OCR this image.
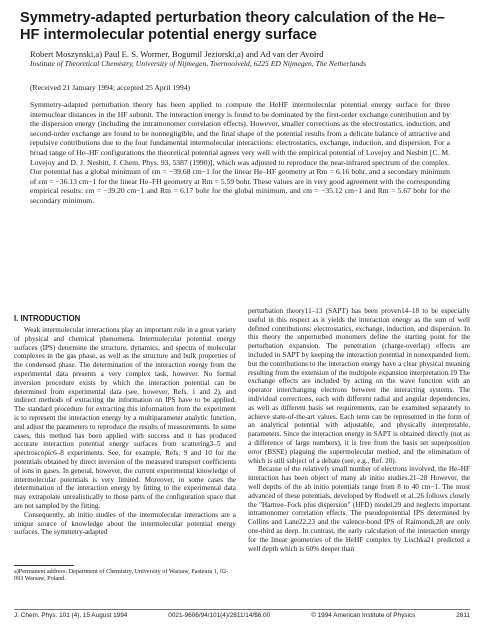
Symmetry-adapted perturbation theory calculation of the He–HF intermolecular potential energy surface
Robert Moszynski,a) Paul E. S. Wormer, Bogumil Jeziorski,a) and Ad van der Avoird
Institute of Theoretical Chemistry, University of Nijmegen, Toernooiveld, 6225 ED Nijmegen, The Netherlands
(Received 21 January 1994; accepted 25 April 1994)

Symmetry-adapted perturbation theory has been applied to compute the HeHF intermolecular potential energy surface for three internuclear distances in the HF subunit. The interaction energy is found to be dominated by the first-order exchange contribution and by the dispersion energy (including the intramonomer correlation effects). However, smaller corrections as the electrostatics, induction, and second-order exchange are found to be nonnegligible, and the final shape of the potential results from a delicate balance of attractive and repulsive contributions due to the four fundamental intermolecular interactions: electrostatics, exchange, induction, and dispersion. For a broad range of He–HF configurations the theoretical potential agrees very well with the empirical potential of Lovejoy and Nesbitt [C. M. Lovejoy and D. J. Nesbitt, J. Chem. Phys. 93, 5387 (1990)], which was adjusted to reproduce the near-infrared spectrum of the complex. Our potential has a global minimum of εm = −39.68 cm−1 for the linear He–HF geometry at Rm = 6.16 bohr, and a secondary minimum of εm = −36.13 cm−1 for the linear He–FH geometry at Rm = 5.59 bohr. These values are in very good agreement with the corresponding empirical results: εm = −39.20 cm−1 and Rm = 6.17 bohr for the global minimum, and εm = −35.12 cm−1 and Rm = 5.67 bohr for the secondary minimum.

I. INTRODUCTION

Weak intermolecular interactions play an important role in a great variety of physical and chemical phenomena. Intermolecular potential energy surfaces (IPS) determine the structure, dynamics, and spectra of molecular complexes in the gas phase, as well as the structure and bulk properties of the condensed phase. The determination of the interaction energy from the experimental data presents a very complex task, however. No formal inversion procedure exists by which the interaction potential can be determined from experimental data (see, however, Refs. 1 and 2), and indirect methods of extracting the information on IPS have to be applied. The standard procedure for extracting this information from the experiment is to represent the interaction energy by a multiparameter analytic function, and adjust the parameters to reproduce the results of measurements. In some cases, this method has been applied with success and it has produced accurate interaction potential energy surfaces from scattering3–5 and spectroscopic6–8 experiments. See, for example, Refs. 9 and 10 for the potentials obtained by direct inversion of the measured transport coefficients of ions in gases. In general, however, the current experimental knowledge of intermolecular potentials is very limited. Moreover, in some cases the determination of the interaction energy by fitting to the experimental data may extrapolate unrealistically to those parts of the configuration space that are not sampled by the fitting.

Consequently, ab initio studies of the intermolecular interactions are a unique source of knowledge about the intermolecular potential energy surfaces. The symmetry-adapted

perturbation theory11–13 (SAPT) has been proven14–18 to be especially useful in this respect as it yields the interaction energy as the sum of well defined contributions: electrostatics, exchange, induction, and dispersion. In this theory the unperturbed monomers define the starting point for the perturbation expansion. The penetration (charge-overlap) effects are included in SAPT by keeping the interaction potential in nonexpanded form, but the contributions to the interaction energy have a clear physical meaning resulting from the extension of the multipole expansion interpretation.19 The exchange effects are included by acting on the wave function with an operator interchanging electrons between the interacting systems. The individual corrections, each with different radial and angular dependencies, as well as different basis set requirements, can be examined separately to achieve state-of-the-art values. Each term can be represented in the form of an analytical potential with adjustable, and physically interpretable, parameters. Since the interaction energy in SAPT is obtained directly (not as a difference of large numbers), it is free from the basis set superposition error (BSSE) plaguing the supermolecular method, and the elimination of which is still subject of a debate (see, e.g., Ref. 20).

Because of the relatively small number of electrons involved, the He–HF interaction has been object of many ab initio studies.21–28 However, the well depths of the ab initio potentials range from 8 to 40 cm−1. The most advanced of these potentials, developed by Rodwell et al.,26 follows closely the "Hartree–Fock plus dispersion" (HFD) model,29 and neglects important intramonomer correlation effects. The pseudopotential IPS determined by Collins and Lane22,23 and the valence-bond IPS of Raimondi,28 are only one-third as deep. In contrast, the early calculation of the interaction energy for the linear geometries of the HeHF complex by Lischka21 predicted a well depth which is 60% deeper than

a)Permanent address: Department of Chemistry, University of Warsaw, Pasteura 1, 02-093 Warsaw, Poland.
J. Chem. Phys. 101 (4), 15 August 1994	0021-9606/94/101(4)/2811/14/$6.00	© 1994 American Institute of Physics	2811
